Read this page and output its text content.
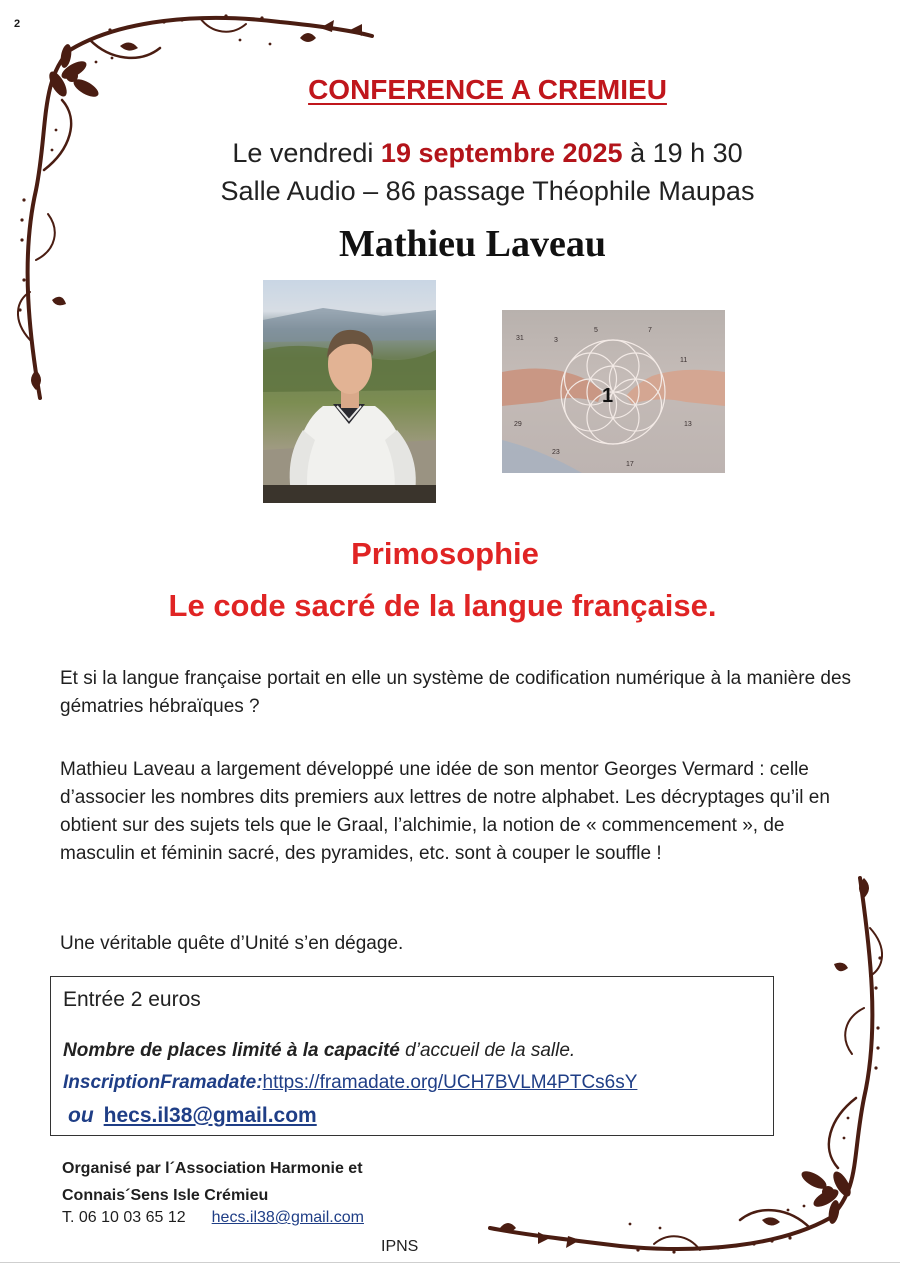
2
CONFERENCE A CREMIEU
Le vendredi 19 septembre 2025 à 19 h 30
Salle Audio – 86 passage Théophile Maupas
Mathieu Laveau
31	3
5	7
11
29	13
23
17
1
Primosophie
Le code sacré de la langue française.
Et si la langue française portait en elle un système de codification numérique à la manière des gématries hébraïques ?
Mathieu Laveau a largement développé une idée de son mentor Georges Vermard : celle d’associer les nombres dits premiers aux lettres de notre alphabet. Les décryptages qu’il en obtient sur des sujets tels que le Graal, l’alchimie, la notion de « commencement », de masculin et féminin sacré, des pyramides, etc. sont à couper le souffle !
Une véritable quête d’Unité s’en dégage.
Entrée 2 euros
Nombre de places limité à la capacité d’accueil de la salle.
InscriptionFramadate:https://framadate.org/UCH7BVLM4PTCs6sY
ou hecs.il38@gmail.com
Organisé par l´Association Harmonie et
Connais´Sens Isle Crémieu
T. 06 10 03 65 12 hecs.il38@gmail.com
IPNS
